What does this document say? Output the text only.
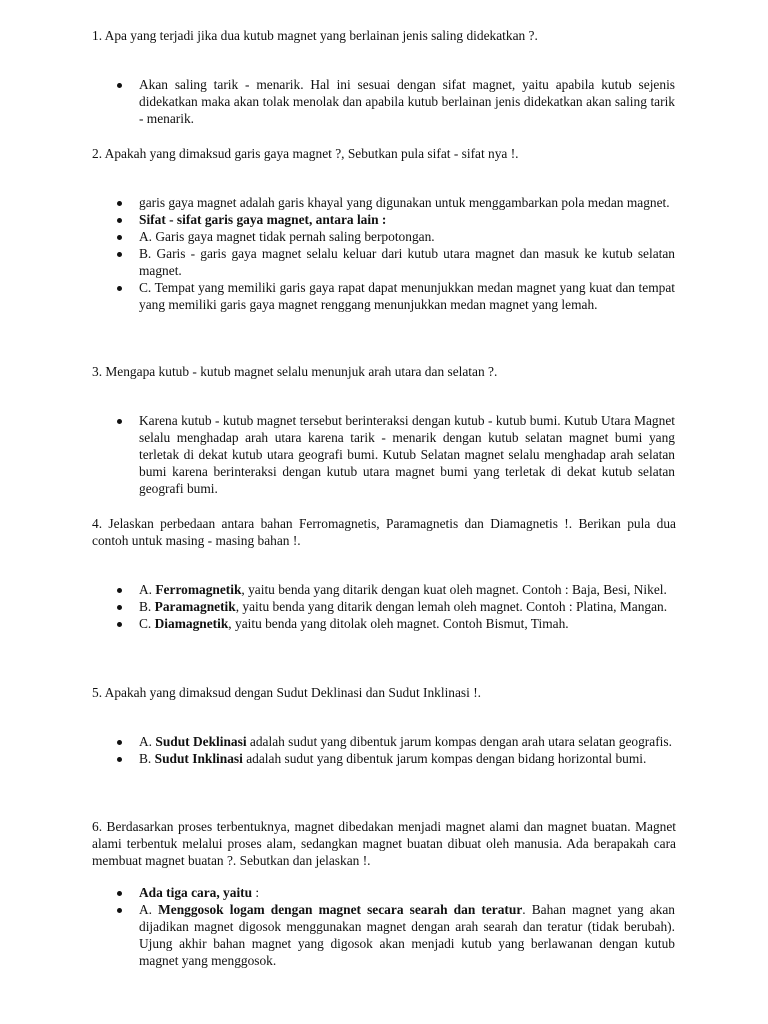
1. Apa yang terjadi jika dua kutub magnet yang berlainan jenis saling didekatkan ?.

Akan saling tarik - menarik. Hal ini sesuai dengan sifat magnet, yaitu apabila kutub sejenis didekatkan maka akan tolak menolak dan apabila kutub berlainan jenis didekatkan akan saling tarik - menarik.

2. Apakah yang dimaksud garis gaya magnet ?, Sebutkan pula sifat - sifat nya !.

garis gaya magnet adalah garis khayal yang digunakan untuk menggambarkan pola medan magnet.
Sifat - sifat garis gaya magnet, antara lain :
A. Garis gaya magnet tidak pernah saling berpotongan.
B. Garis - garis gaya magnet selalu keluar dari kutub utara magnet dan masuk ke kutub selatan magnet.
C. Tempat yang memiliki garis gaya rapat dapat menunjukkan medan magnet yang kuat dan tempat yang memiliki garis gaya magnet renggang menunjukkan medan magnet yang lemah.

3. Mengapa kutub - kutub magnet selalu menunjuk arah utara dan selatan ?.

Karena kutub - kutub magnet tersebut berinteraksi dengan kutub - kutub bumi. Kutub Utara Magnet selalu menghadap arah utara karena tarik - menarik dengan kutub selatan magnet bumi yang terletak di dekat kutub utara geografi bumi. Kutub Selatan magnet selalu menghadap arah selatan bumi karena berinteraksi dengan kutub utara magnet bumi yang terletak di dekat kutub selatan geografi bumi.

4. Jelaskan perbedaan antara bahan Ferromagnetis, Paramagnetis dan Diamagnetis !. Berikan pula dua contoh untuk masing - masing bahan !.

A. Ferromagnetik, yaitu benda yang ditarik dengan kuat oleh magnet. Contoh : Baja, Besi, Nikel.
B. Paramagnetik, yaitu benda yang ditarik dengan lemah oleh magnet. Contoh : Platina, Mangan.
C. Diamagnetik, yaitu benda yang ditolak oleh magnet. Contoh Bismut, Timah.

5. Apakah yang dimaksud dengan Sudut Deklinasi dan Sudut Inklinasi !.

A. Sudut Deklinasi adalah sudut yang dibentuk jarum kompas dengan arah utara selatan geografis.
B. Sudut Inklinasi adalah sudut yang dibentuk jarum kompas dengan bidang horizontal bumi.

6. Berdasarkan proses terbentuknya, magnet dibedakan menjadi magnet alami dan magnet buatan. Magnet alami terbentuk melalui proses alam, sedangkan magnet buatan dibuat oleh manusia. Ada berapakah cara membuat magnet buatan ?. Sebutkan dan jelaskan !.

Ada tiga cara, yaitu :
A. Menggosok logam dengan magnet secara searah dan teratur. Bahan magnet yang akan dijadikan magnet digosok menggunakan magnet dengan arah searah dan teratur (tidak berubah). Ujung akhir bahan magnet yang digosok akan menjadi kutub yang berlawanan dengan kutub magnet yang menggosok.
